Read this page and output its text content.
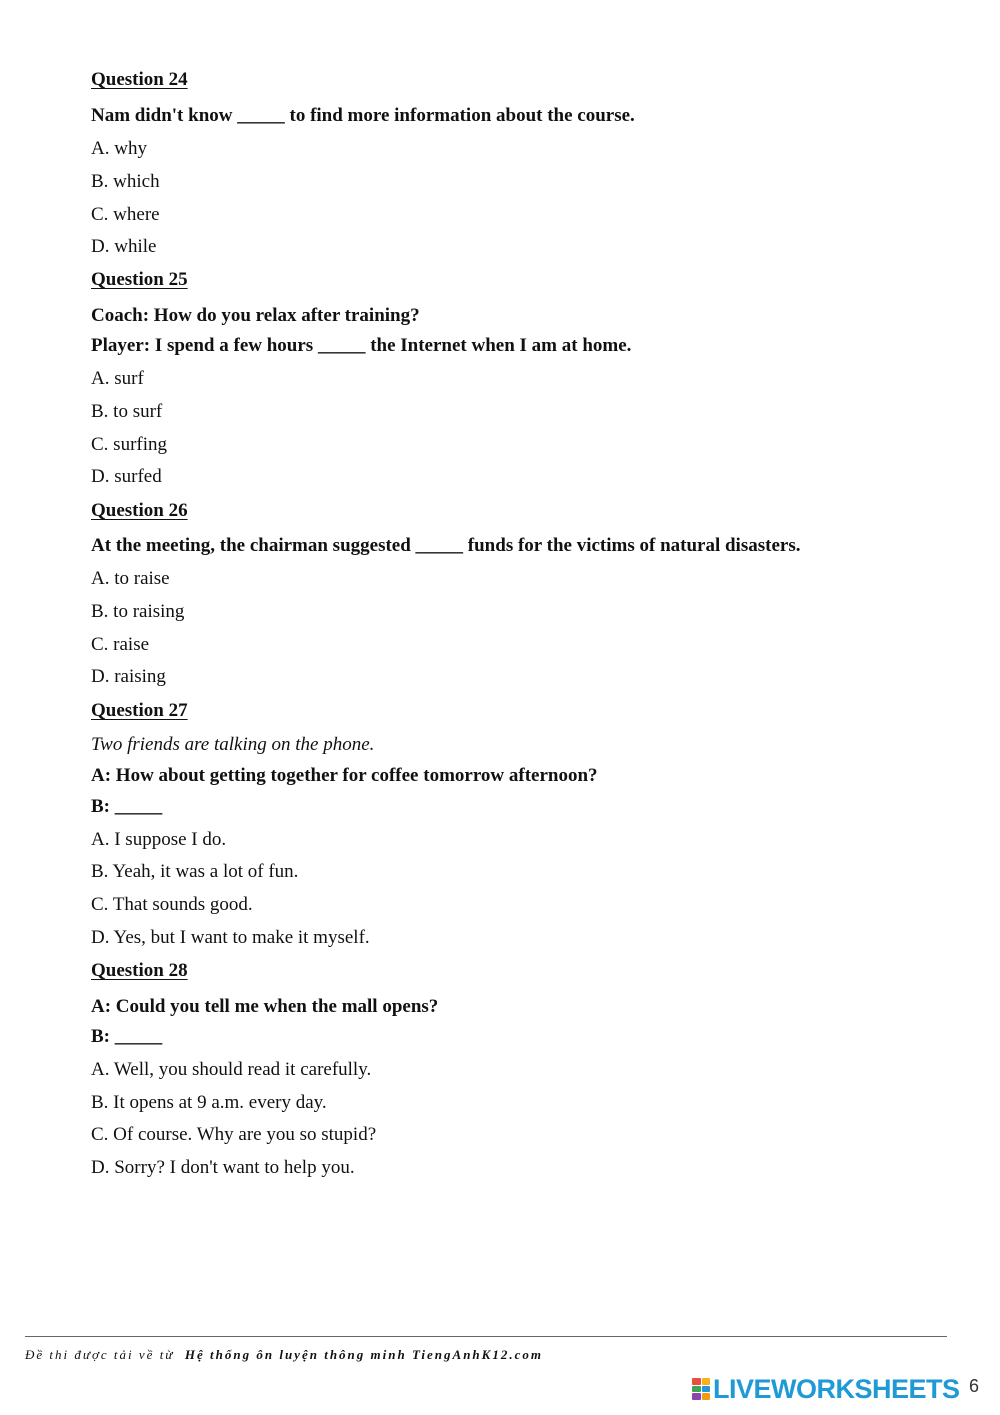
Question 24
Nam didn't know _____ to find more information about the course.
A. why
B. which
C. where
D. while
Question 25
Coach: How do you relax after training?
Player: I spend a few hours _____ the Internet when I am at home.
A. surf
B. to surf
C. surfing
D. surfed
Question 26
At the meeting, the chairman suggested _____ funds for the victims of natural disasters.
A. to raise
B. to raising
C. raise
D. raising
Question 27
Two friends are talking on the phone.
A: How about getting together for coffee tomorrow afternoon?
B: _____
A. I suppose I do.
B. Yeah, it was a lot of fun.
C. That sounds good.
D. Yes, but I want to make it myself.
Question 28
A: Could you tell me when the mall opens?
B: _____
A. Well, you should read it carefully.
B. It opens at 9 a.m. every day.
C. Of course. Why are you so stupid?
D. Sorry? I don't want to help you.
Đề thi được tải về từ Hệ thống ôn luyện thông minh TiengAnhK12.com
LIVEWORKSHEETS 6
